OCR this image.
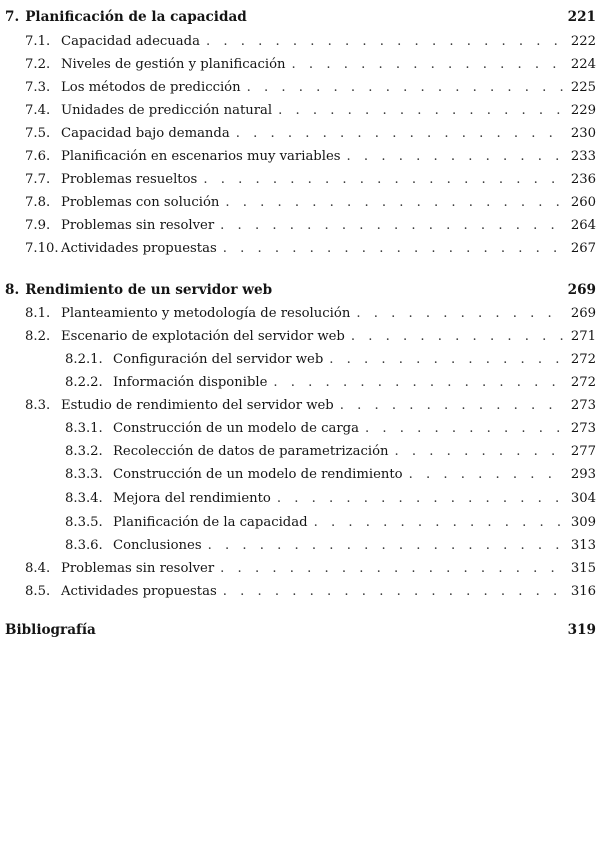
7. Planificación de la capacidad	221
7.1. Capacidad adecuada . . .	222
7.2. Niveles de gestión y planificación . . .	224
7.3. Los métodos de predicción . . .	225
7.4. Unidades de predicción natural . . .	229
7.5. Capacidad bajo demanda . . .	230
7.6. Planificación en escenarios muy variables . . .	233
7.7. Problemas resueltos . . .	236
7.8. Problemas con solución . . .	260
7.9. Problemas sin resolver . . .	264
7.10. Actividades propuestas . . .	267
8. Rendimiento de un servidor web	269
8.1. Planteamiento y metodología de resolución . . .	269
8.2. Escenario de explotación del servidor web . . .	271
8.2.1. Configuración del servidor web . . .	272
8.2.2. Información disponible . . .	272
8.3. Estudio de rendimiento del servidor web . . .	273
8.3.1. Construcción de un modelo de carga . . .	273
8.3.2. Recolección de datos de parametrización . . .	277
8.3.3. Construcción de un modelo de rendimiento . . .	293
8.3.4. Mejora del rendimiento . . .	304
8.3.5. Planificación de la capacidad . . .	309
8.3.6. Conclusiones . . .	313
8.4. Problemas sin resolver . . .	315
8.5. Actividades propuestas . . .	316
Bibliografía	319
